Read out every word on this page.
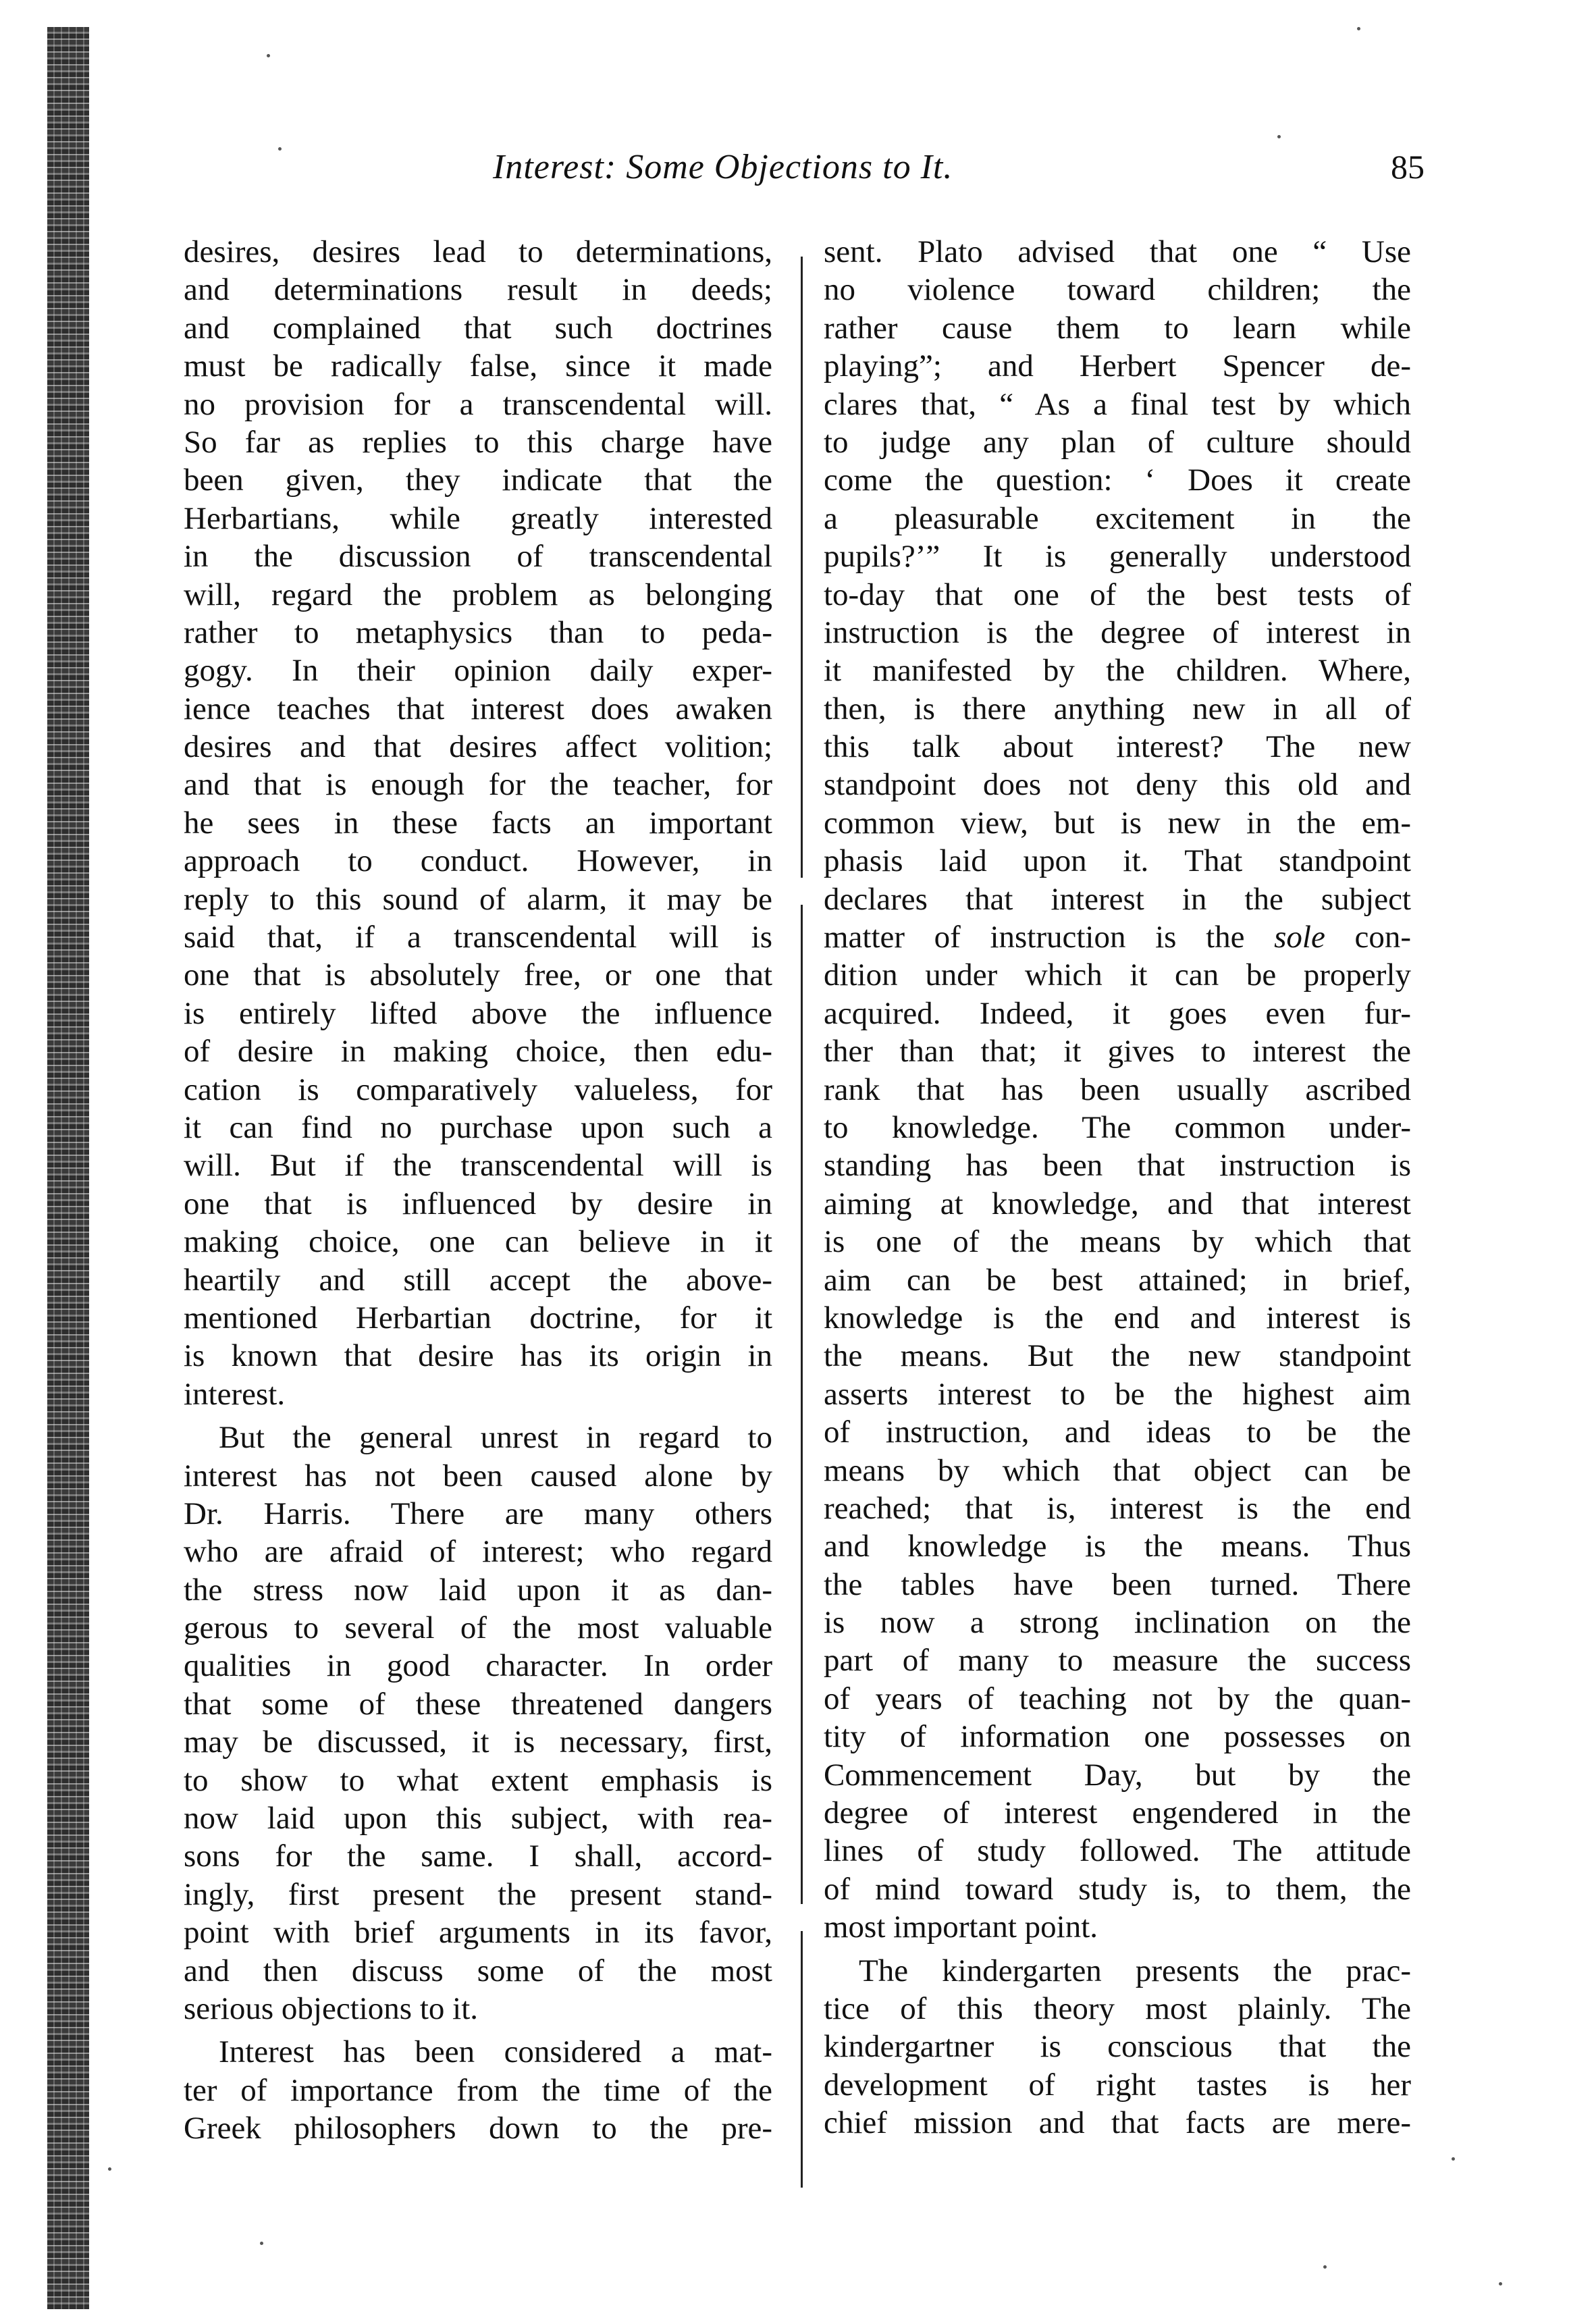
Interest: Some Objections to It.	85
desires, desires lead to determinations,
and determinations result in deeds;
and complained that such doctrines
must be radically false, since it made
no provision for a transcendental will.
So far as replies to this charge have
been given, they indicate that the
Herbartians, while greatly interested
in the discussion of transcendental
will, regard the problem as belonging
rather to metaphysics than to peda-
gogy. In their opinion daily exper-
ience teaches that interest does awaken
desires and that desires affect volition;
and that is enough for the teacher, for
he sees in these facts an important
approach to conduct. However, in
reply to this sound of alarm, it may be
said that, if a transcendental will is
one that is absolutely free, or one that
is entirely lifted above the influence
of desire in making choice, then edu-
cation is comparatively valueless, for
it can find no purchase upon such a
will. But if the transcendental will is
one that is influenced by desire in
making choice, one can believe in it
heartily and still accept the above-
mentioned Herbartian doctrine, for it
is known that desire has its origin in
interest.
But the general unrest in regard to
interest has not been caused alone by
Dr. Harris. There are many others
who are afraid of interest; who regard
the stress now laid upon it as dan-
gerous to several of the most valuable
qualities in good character. In order
that some of these threatened dangers
may be discussed, it is necessary, first,
to show to what extent emphasis is
now laid upon this subject, with rea-
sons for the same. I shall, accord-
ingly, first present the present stand-
point with brief arguments in its favor,
and then discuss some of the most
serious objections to it.
Interest has been considered a mat-
ter of importance from the time of the
Greek philosophers down to the pre-
sent. Plato advised that one “ Use
no violence toward children; the
rather cause them to learn while
playing”; and Herbert Spencer de-
clares that, “ As a final test by which
to judge any plan of culture should
come the question: ‘ Does it create
a pleasurable excitement in the
pupils?’” It is generally understood
to-day that one of the best tests of
instruction is the degree of interest in
it manifested by the children. Where,
then, is there anything new in all of
this talk about interest? The new
standpoint does not deny this old and
common view, but is new in the em-
phasis laid upon it. That standpoint
declares that interest in the subject
matter of instruction is the sole con-
dition under which it can be properly
acquired. Indeed, it goes even fur-
ther than that; it gives to interest the
rank that has been usually ascribed
to knowledge. The common under-
standing has been that instruction is
aiming at knowledge, and that interest
is one of the means by which that
aim can be best attained; in brief,
knowledge is the end and interest is
the means. But the new standpoint
asserts interest to be the highest aim
of instruction, and ideas to be the
means by which that object can be
reached; that is, interest is the end
and knowledge is the means. Thus
the tables have been turned. There
is now a strong inclination on the
part of many to measure the success
of years of teaching not by the quan-
tity of information one possesses on
Commencement Day, but by the
degree of interest engendered in the
lines of study followed. The attitude
of mind toward study is, to them, the
most important point.
The kindergarten presents the prac-
tice of this theory most plainly. The
kindergartner is conscious that the
development of right tastes is her
chief mission and that facts are mere-
